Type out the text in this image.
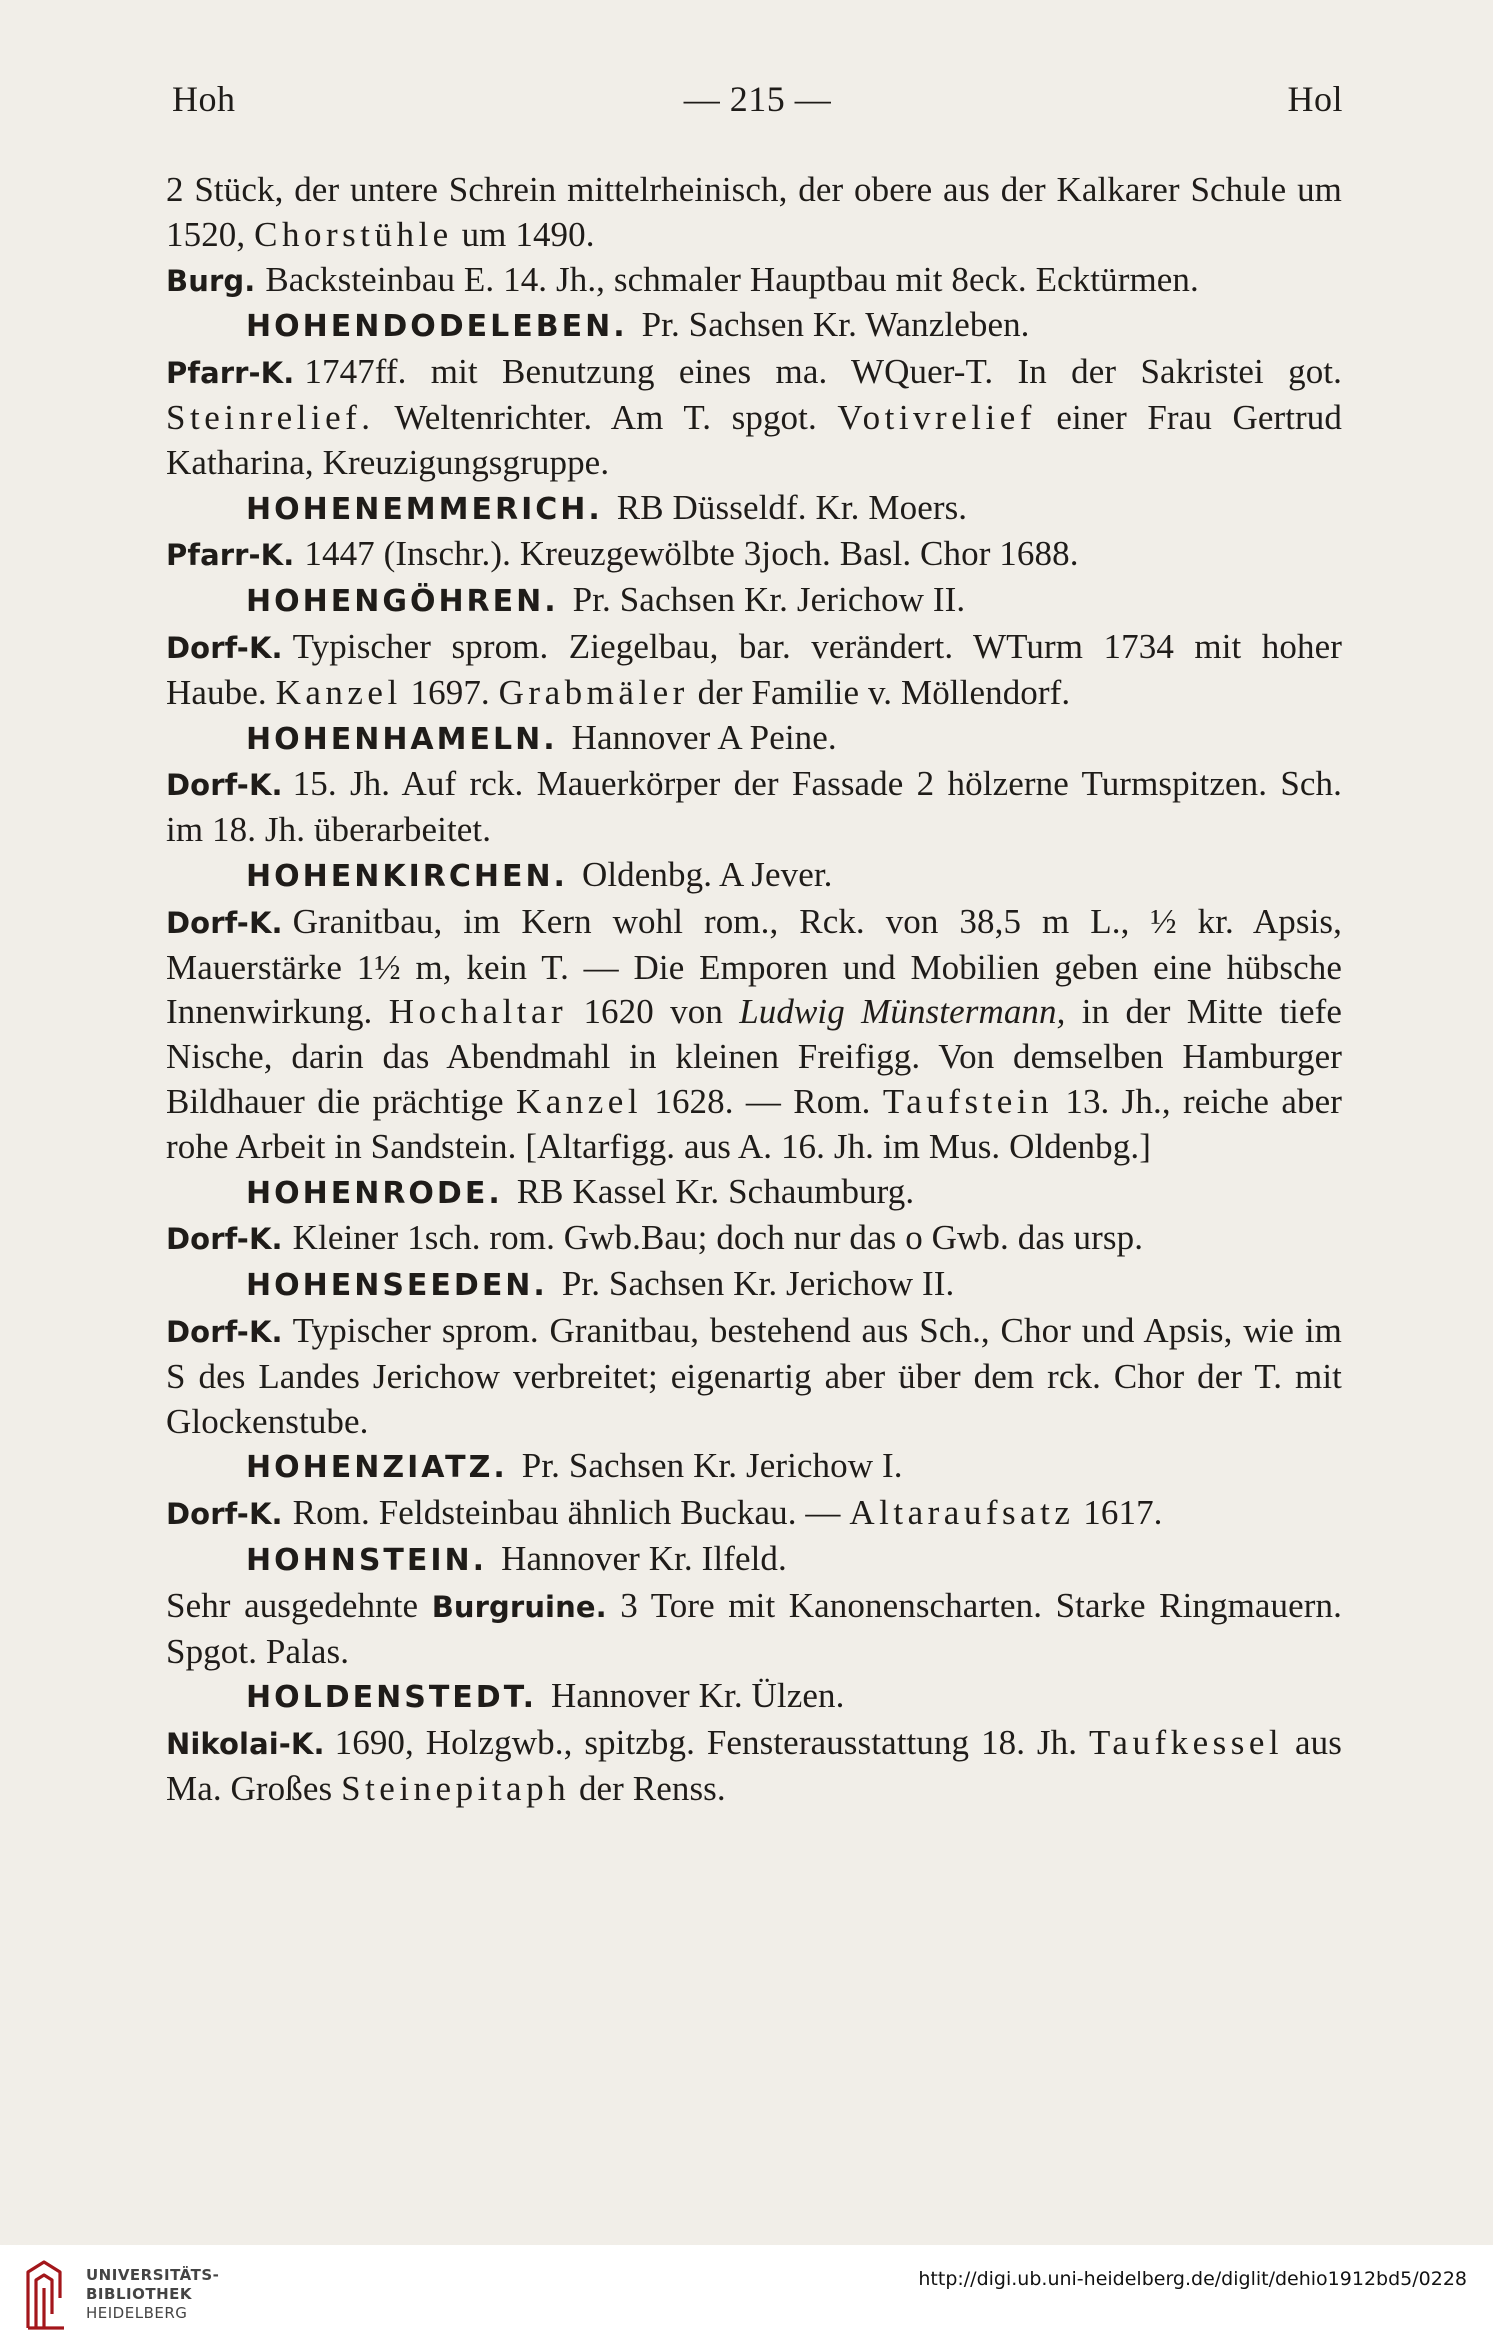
Hoh	— 215 —	Hol

2 Stück, der untere Schrein mittelrheinisch, der obere aus der Kalkarer Schule um 1520, Chorstühle um 1490.

Burg. Backsteinbau E. 14. Jh., schmaler Hauptbau mit 8eck. Ecktürmen.

HOHENDODELEBEN. Pr. Sachsen Kr. Wanzleben.

Pfarr-K. 1747ff. mit Benutzung eines ma. WQuer-T. In der Sakristei got. Steinrelief. Weltenrichter. Am T. spgot. Votivrelief einer Frau Gertrud Katharina, Kreuzigungsgruppe.

HOHENEMMERICH. RB Düsseldf. Kr. Moers.

Pfarr-K. 1447 (Inschr.). Kreuzgewölbte 3joch. Basl. Chor 1688.

HOHENGÖHREN. Pr. Sachsen Kr. Jerichow II.

Dorf-K. Typischer sprom. Ziegelbau, bar. verändert. WTurm 1734 mit hoher Haube. Kanzel 1697. Grabmäler der Familie v. Möllendorf.

HOHENHAMELN. Hannover A Peine.

Dorf-K. 15. Jh. Auf rck. Mauerkörper der Fassade 2 hölzerne Turmspitzen. Sch. im 18. Jh. überarbeitet.

HOHENKIRCHEN. Oldenbg. A Jever.

Dorf-K. Granitbau, im Kern wohl rom., Rck. von 38,5 m L., ½ kr. Apsis, Mauerstärke 1½ m, kein T. — Die Emporen und Mobilien geben eine hübsche Innenwirkung. Hochaltar 1620 von Ludwig Münstermann, in der Mitte tiefe Nische, darin das Abendmahl in kleinen Freifigg. Von demselben Hamburger Bildhauer die prächtige Kanzel 1628. — Rom. Taufstein 13. Jh., reiche aber rohe Arbeit in Sandstein. [Altarfigg. aus A. 16. Jh. im Mus. Oldenbg.]

HOHENRODE. RB Kassel Kr. Schaumburg.

Dorf-K. Kleiner 1sch. rom. Gwb.Bau; doch nur das o Gwb. das ursp.

HOHENSEEDEN. Pr. Sachsen Kr. Jerichow II.

Dorf-K. Typischer sprom. Granitbau, bestehend aus Sch., Chor und Apsis, wie im S des Landes Jerichow verbreitet; eigenartig aber über dem rck. Chor der T. mit Glockenstube.

HOHENZIATZ. Pr. Sachsen Kr. Jerichow I.

Dorf-K. Rom. Feldsteinbau ähnlich Buckau. — Altaraufsatz 1617.

HOHNSTEIN. Hannover Kr. Ilfeld.

Sehr ausgedehnte Burgruine. 3 Tore mit Kanonenscharten. Starke Ringmauern. Spgot. Palas.

HOLDENSTEDT. Hannover Kr. Ülzen.

Nikolai-K. 1690, Holzgwb., spitzbg. Fensterausstattung 18. Jh. Taufkessel aus Ma. Großes Steinepitaph der Renss.

UNIVERSITÄTS-
BIBLIOTHEK
HEIDELBERG
http://digi.ub.uni-heidelberg.de/diglit/dehio1912bd5/0228
